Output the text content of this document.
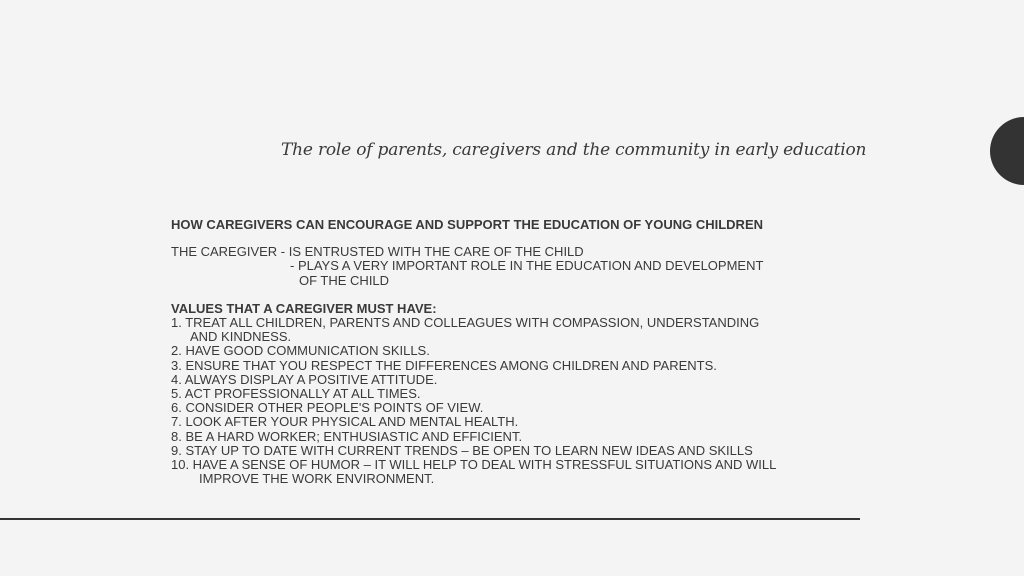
The role of parents, caregivers and the community in early education
HOW CAREGIVERS CAN ENCOURAGE AND SUPPORT THE EDUCATION OF YOUNG CHILDREN
THE CAREGIVER - IS ENTRUSTED WITH THE CARE OF THE CHILD
- PLAYS A VERY IMPORTANT ROLE IN THE EDUCATION AND DEVELOPMENT
OF THE CHILD
VALUES THAT A CAREGIVER MUST HAVE:
1. TREAT ALL CHILDREN, PARENTS AND COLLEAGUES WITH COMPASSION, UNDERSTANDING
AND KINDNESS.
2. HAVE GOOD COMMUNICATION SKILLS.
3. ENSURE THAT YOU RESPECT THE DIFFERENCES AMONG CHILDREN AND PARENTS.
4. ALWAYS DISPLAY A POSITIVE ATTITUDE.
5. ACT PROFESSIONALLY AT ALL TIMES.
6. CONSIDER OTHER PEOPLE'S POINTS OF VIEW.
7. LOOK AFTER YOUR PHYSICAL AND MENTAL HEALTH.
8. BE A HARD WORKER; ENTHUSIASTIC AND EFFICIENT.
9. STAY UP TO DATE WITH CURRENT TRENDS – BE OPEN TO LEARN NEW IDEAS AND SKILLS
10. HAVE A SENSE OF HUMOR – IT WILL HELP TO DEAL WITH STRESSFUL SITUATIONS AND WILL
IMPROVE THE WORK ENVIRONMENT.
